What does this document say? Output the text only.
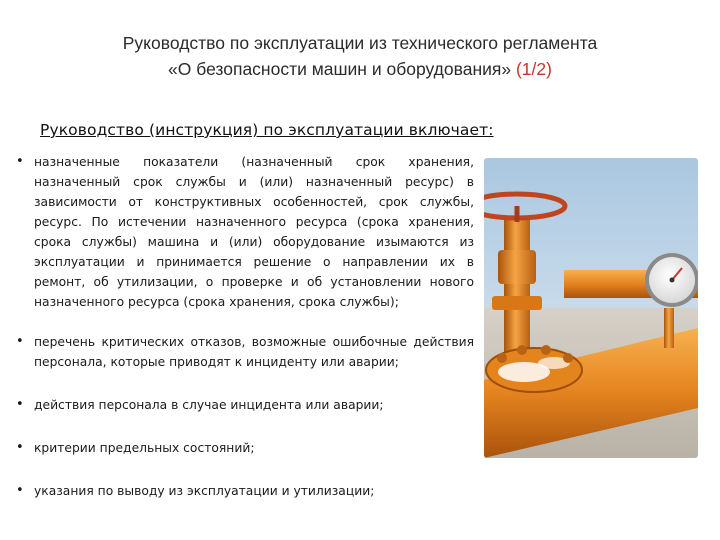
Руководство по эксплуатации из технического регламента
«О безопасности машин и оборудования» (1/2)
Руководство (инструкция) по эксплуатации включает:
• назначенные показатели (назначенный срок хранения, назначенный срок службы и (или) назначенный ресурс) в зависимости от конструктивных особенностей, срок службы, ресурс. По истечении назначенного ресурса (срока хранения, срока службы) машина и (или) оборудование изымаются из эксплуатации и принимается решение о направлении их в ремонт, об утилизации, о проверке и об установлении нового назначенного ресурса (срока хранения, срока службы);
• перечень критических отказов, возможные ошибочные действия персонала, которые приводят к инциденту или аварии;
• действия персонала в случае инцидента или аварии;
• критерии предельных состояний;
• указания по выводу из эксплуатации и утилизации;
